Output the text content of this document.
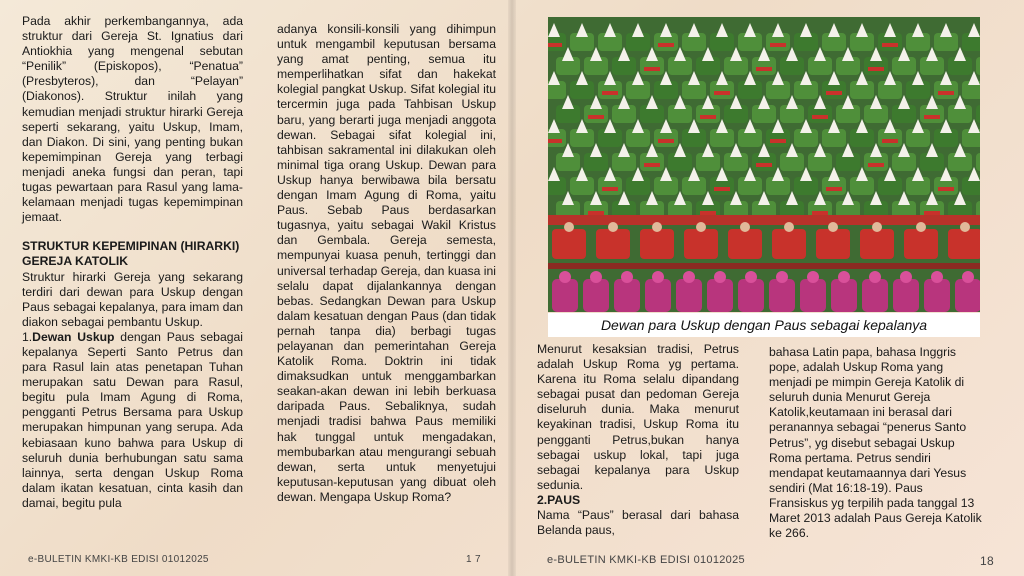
Pada akhir perkembangannya, ada struktur dari Gereja St. Ignatius dari Antiokhia yang mengenal sebutan “Penilik” (Episkopos), “Penatua” (Presbyteros), dan “Pelayan” (Diakonos). Struktur inilah yang kemudian menjadi struktur hirarki Gereja seperti sekarang, yaitu Uskup, Imam, dan Diakon. Di sini, yang penting bukan kepemimpinan Gereja yang terbagi menjadi aneka fungsi dan peran, tapi tugas pewartaan para Rasul yang lama-kelamaan menjadi tugas kepemimpinan jemaat.

STRUKTUR KEPEMIPINAN (HIRARKI) GEREJA KATOLIK

Struktur hirarki Gereja yang sekarang terdiri dari dewan para Uskup dengan Paus sebagai kepalanya, para imam dan diakon sebagai pembantu Uskup.

1.Dewan Uskup dengan Paus sebagai kepalanya Seperti Santo Petrus dan para Rasul lain atas penetapan Tuhan merupakan satu Dewan para Rasul, begitu pula Imam Agung di Roma, pengganti Petrus Bersama para Uskup merupakan himpunan yang serupa. Ada kebiasaan kuno bahwa para Uskup di seluruh dunia berhubungan satu sama lainnya, serta dengan Uskup Roma dalam ikatan kesatuan, cinta kasih dan damai, begitu pula

adanya konsili-konsili yang dihimpun untuk mengambil keputusan bersama yang amat penting, semua itu memperlihatkan sifat dan hakekat kolegial pangkat Uskup. Sifat kolegial itu tercermin juga pada Tahbisan Uskup baru, yang berarti juga menjadi anggota dewan. Sebagai sifat kolegial ini, tahbisan sakramental ini dilakukan oleh minimal tiga orang Uskup. Dewan para Uskup hanya berwibawa bila bersatu dengan Imam Agung di Roma, yaitu Paus. Sebab Paus berdasarkan tugasnya, yaitu sebagai Wakil Kristus dan Gembala. Gereja semesta, mempunyai kuasa penuh, tertinggi dan universal terhadap Gereja, dan kuasa ini selalu dapat dijalankannya dengan bebas. Sedangkan Dewan para Uskup dalam kesatuan dengan Paus (dan tidak pernah tanpa dia) berbagi tugas pelayanan dan pemerintahan Gereja Katolik Roma. Doktrin ini tidak dimaksudkan untuk menggambarkan seakan-akan dewan ini lebih berkuasa daripada Paus. Sebaliknya, sudah menjadi tradisi bahwa Paus memiliki hak tunggal untuk mengadakan, membubarkan atau mengurangi sebuah dewan, serta untuk menyetujui keputusan-keputusan yang dibuat oleh dewan. Mengapa Uskup Roma?

Dewan para Uskup dengan Paus sebagai kepalanya

Menurut kesaksian tradisi, Petrus adalah Uskup Roma yg pertama. Karena itu Roma selalu dipandang sebagai pusat dan pedoman Gereja diseluruh dunia. Maka menurut keyakinan tradisi, Uskup Roma itu pengganti Petrus,bukan hanya sebagai uskup lokal, tapi juga sebagai kepalanya para Uskup sedunia.

2.PAUS

Nama “Paus” berasal dari bahasa Belanda paus,

bahasa Latin papa, bahasa Inggris pope, adalah Uskup Roma yang menjadi pe mimpin Gereja Katolik di seluruh dunia Menurut Gereja Katolik,keutamaan ini berasal dari peranannya sebagai “penerus Santo Petrus”, yg disebut sebagai Uskup Roma pertama. Petrus sendiri mendapat keutamaannya dari Yesus sendiri (Mat 16:18-19). Paus Fransiskus yg terpilih pada tanggal 13 Maret 2013 adalah Paus Gereja Katolik ke 266.

e-BULETIN KMKI-KB EDISI 01012025	1 7	e-BULETIN KMKI-KB EDISI 01012025	18
